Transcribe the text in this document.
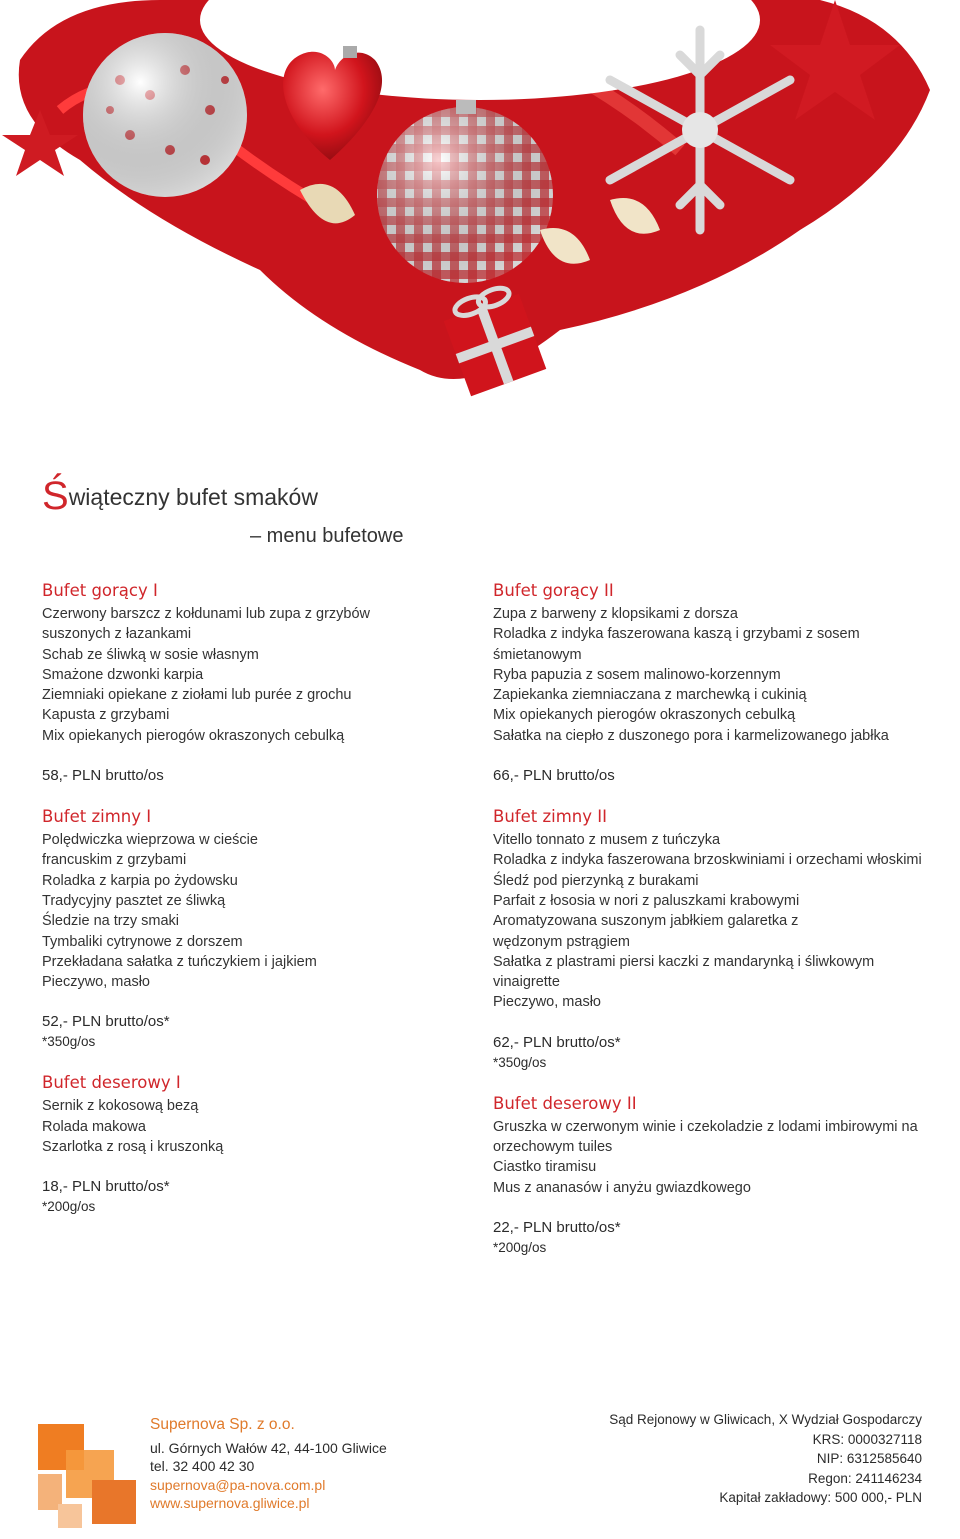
Świąteczny bufet smaków
– menu bufetowe
Bufet gorący I
Czerwony barszcz z kołdunami lub zupa z grzybów
suszonych z łazankami
Schab ze śliwką w sosie własnym
Smażone dzwonki karpia
Ziemniaki opiekane z ziołami lub purée z grochu
Kapusta z grzybami
Mix opiekanych pierogów okraszonych cebulką
58,- PLN brutto/os
Bufet zimny I
Polędwiczka wieprzowa w cieście
francuskim z grzybami
Roladka z karpia po żydowsku
Tradycyjny pasztet ze śliwką
Śledzie na trzy smaki
Tymbaliki cytrynowe z dorszem
Przekładana sałatka z tuńczykiem i jajkiem
Pieczywo, masło
52,- PLN brutto/os*
*350g/os
Bufet deserowy I
Sernik z kokosową bezą
Rolada makowa
Szarlotka z rosą i kruszonką
18,- PLN brutto/os*
*200g/os
Bufet gorący II
Zupa z barweny z klopsikami z dorsza
Roladka z indyka faszerowana kaszą i grzybami z sosem
śmietanowym
Ryba papuzia z sosem malinowo-korzennym
Zapiekanka ziemniaczana z marchewką i cukinią
Mix opiekanych pierogów okraszonych cebulką
Sałatka na ciepło z duszonego pora i karmelizowanego jabłka
66,- PLN brutto/os
Bufet zimny II
Vitello tonnato z musem z tuńczyka
Roladka z indyka faszerowana brzoskwiniami i orzechami włoskimi
Śledź pod pierzynką z burakami
Parfait z łososia w nori z paluszkami krabowymi
Aromatyzowana suszonym jabłkiem galaretka z
wędzonym pstrągiem
Sałatka z plastrami piersi kaczki z mandarynką i śliwkowym
vinaigrette
Pieczywo, masło
62,- PLN brutto/os*
*350g/os
Bufet deserowy II
Gruszka w czerwonym winie i czekoladzie z lodami imbirowymi na
orzechowym tuiles
Ciastko tiramisu
Mus z ananasów i anyżu gwiazdkowego
22,- PLN brutto/os*
*200g/os
Supernova Sp. z o.o.
ul. Górnych Wałów 42, 44-100 Gliwice
tel. 32 400 42 30
supernova@pa-nova.com.pl
www.supernova.gliwice.pl
Sąd Rejonowy w Gliwicach, X Wydział Gospodarczy
KRS: 0000327118
NIP: 6312585640
Regon: 241146234
Kapitał zakładowy: 500 000,- PLN
